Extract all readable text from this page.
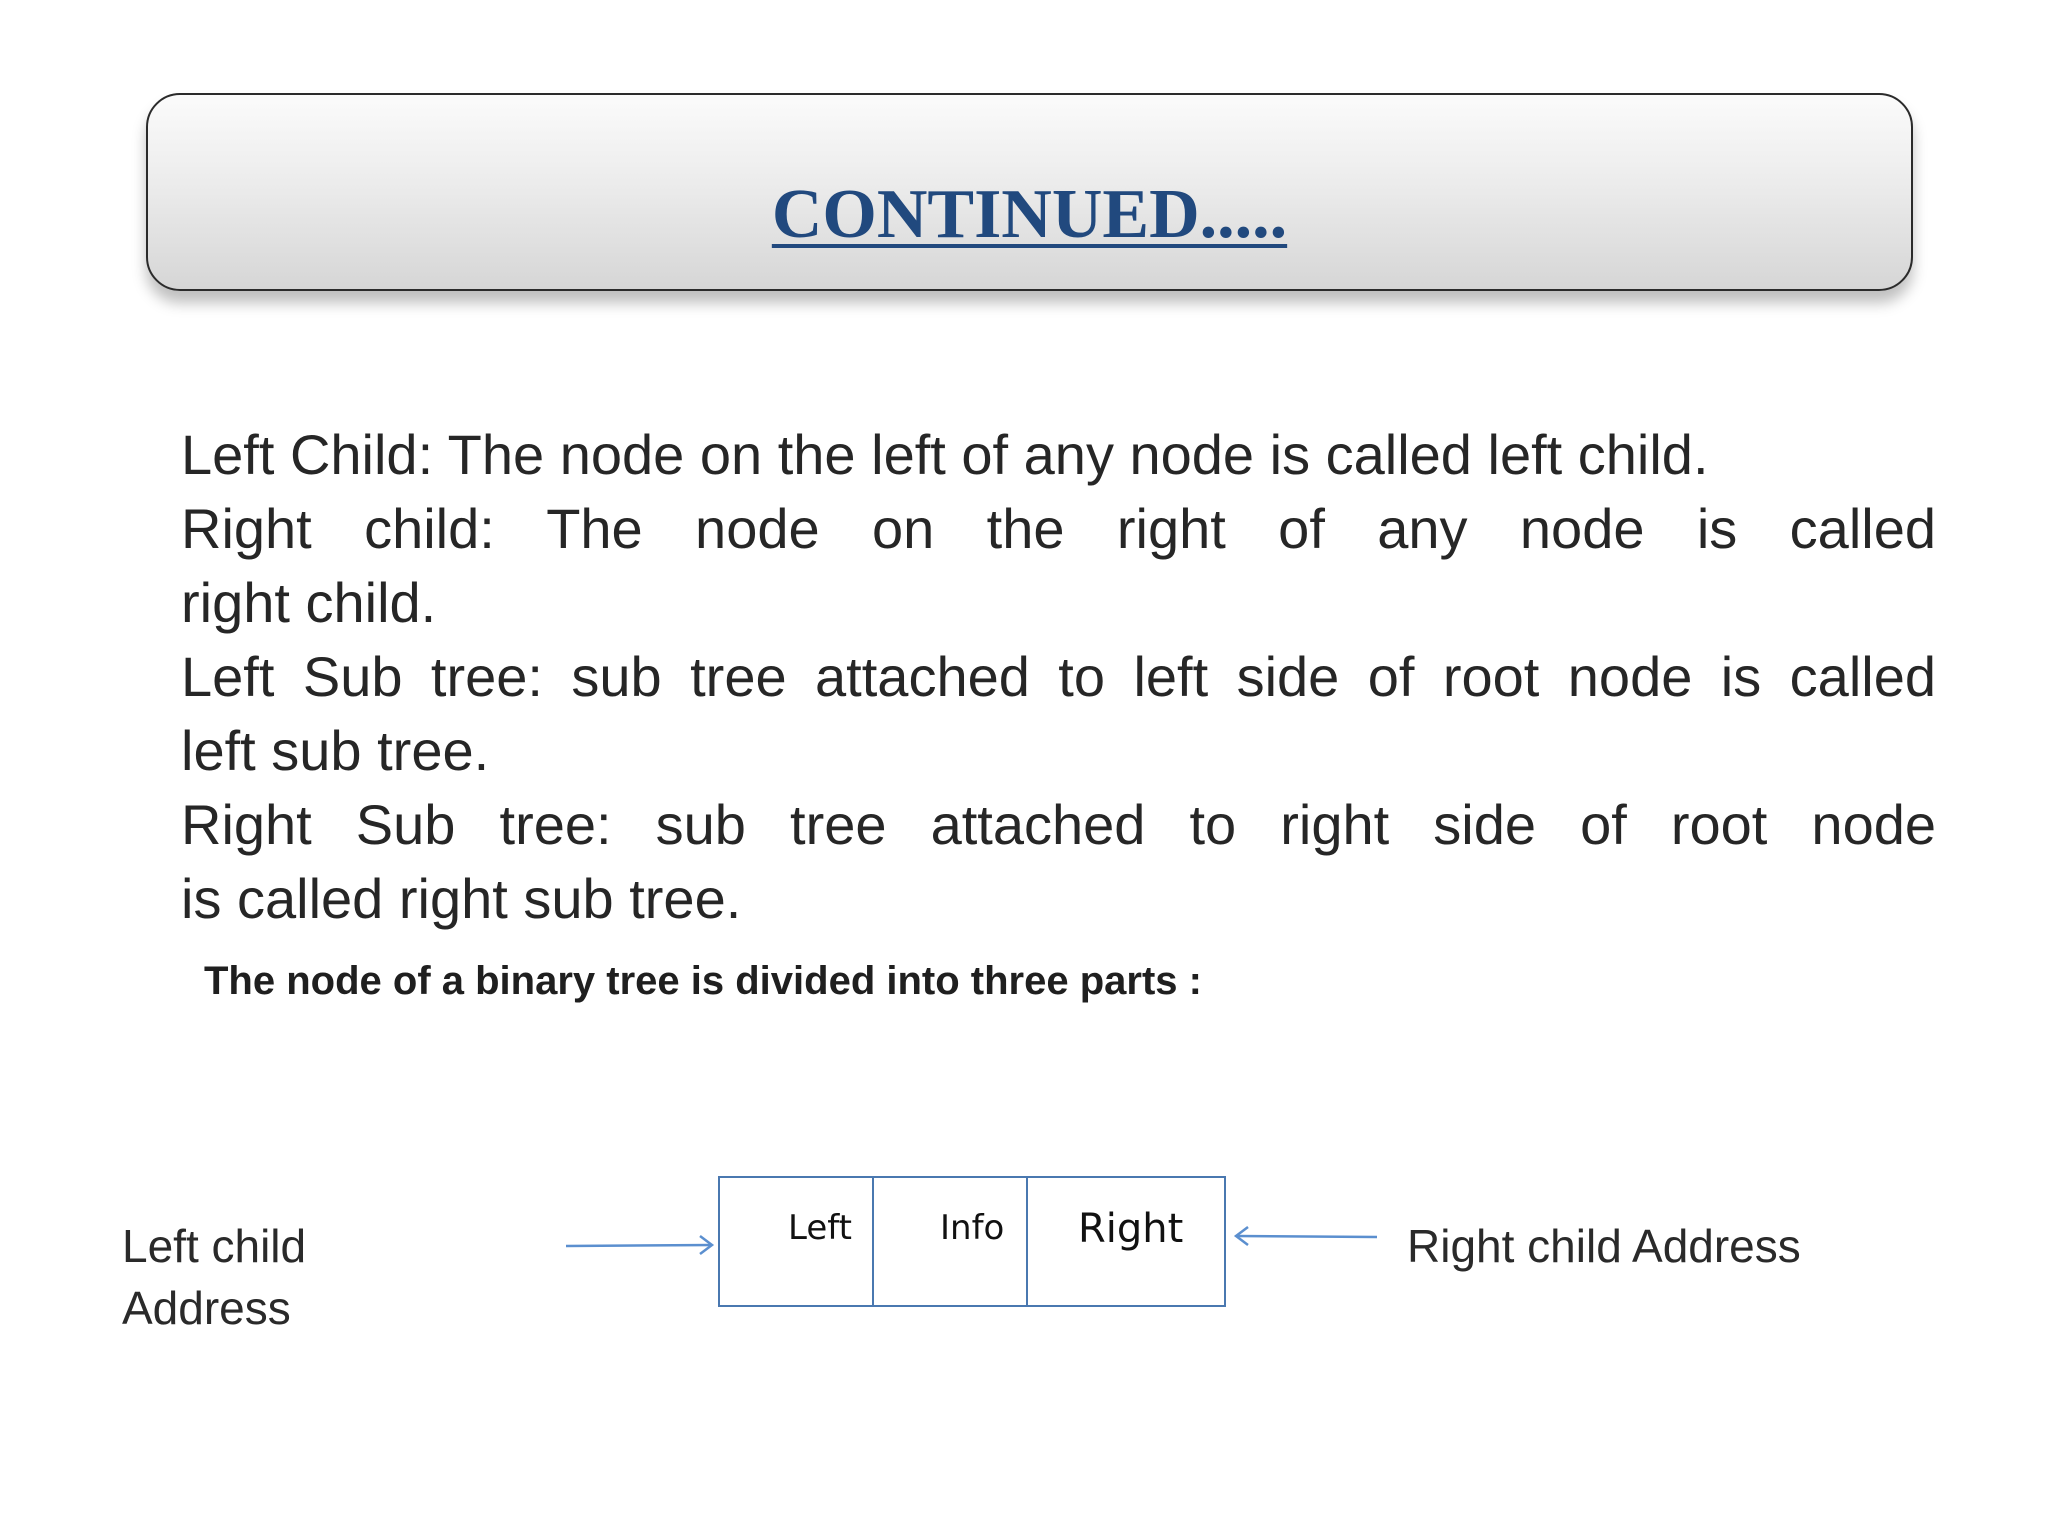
CONTINUED.....

Left Child: The node on the left of any node is called left child.

Right child: The node on the right of any node is called

right child.

Left Sub tree: sub tree attached to left side of root node is called

left sub tree.

Right Sub tree: sub tree attached to right side of root node

is called right sub tree.

The node of a binary tree is divided into three parts :
Left child
Address
Left	Info Right	Right child Address
